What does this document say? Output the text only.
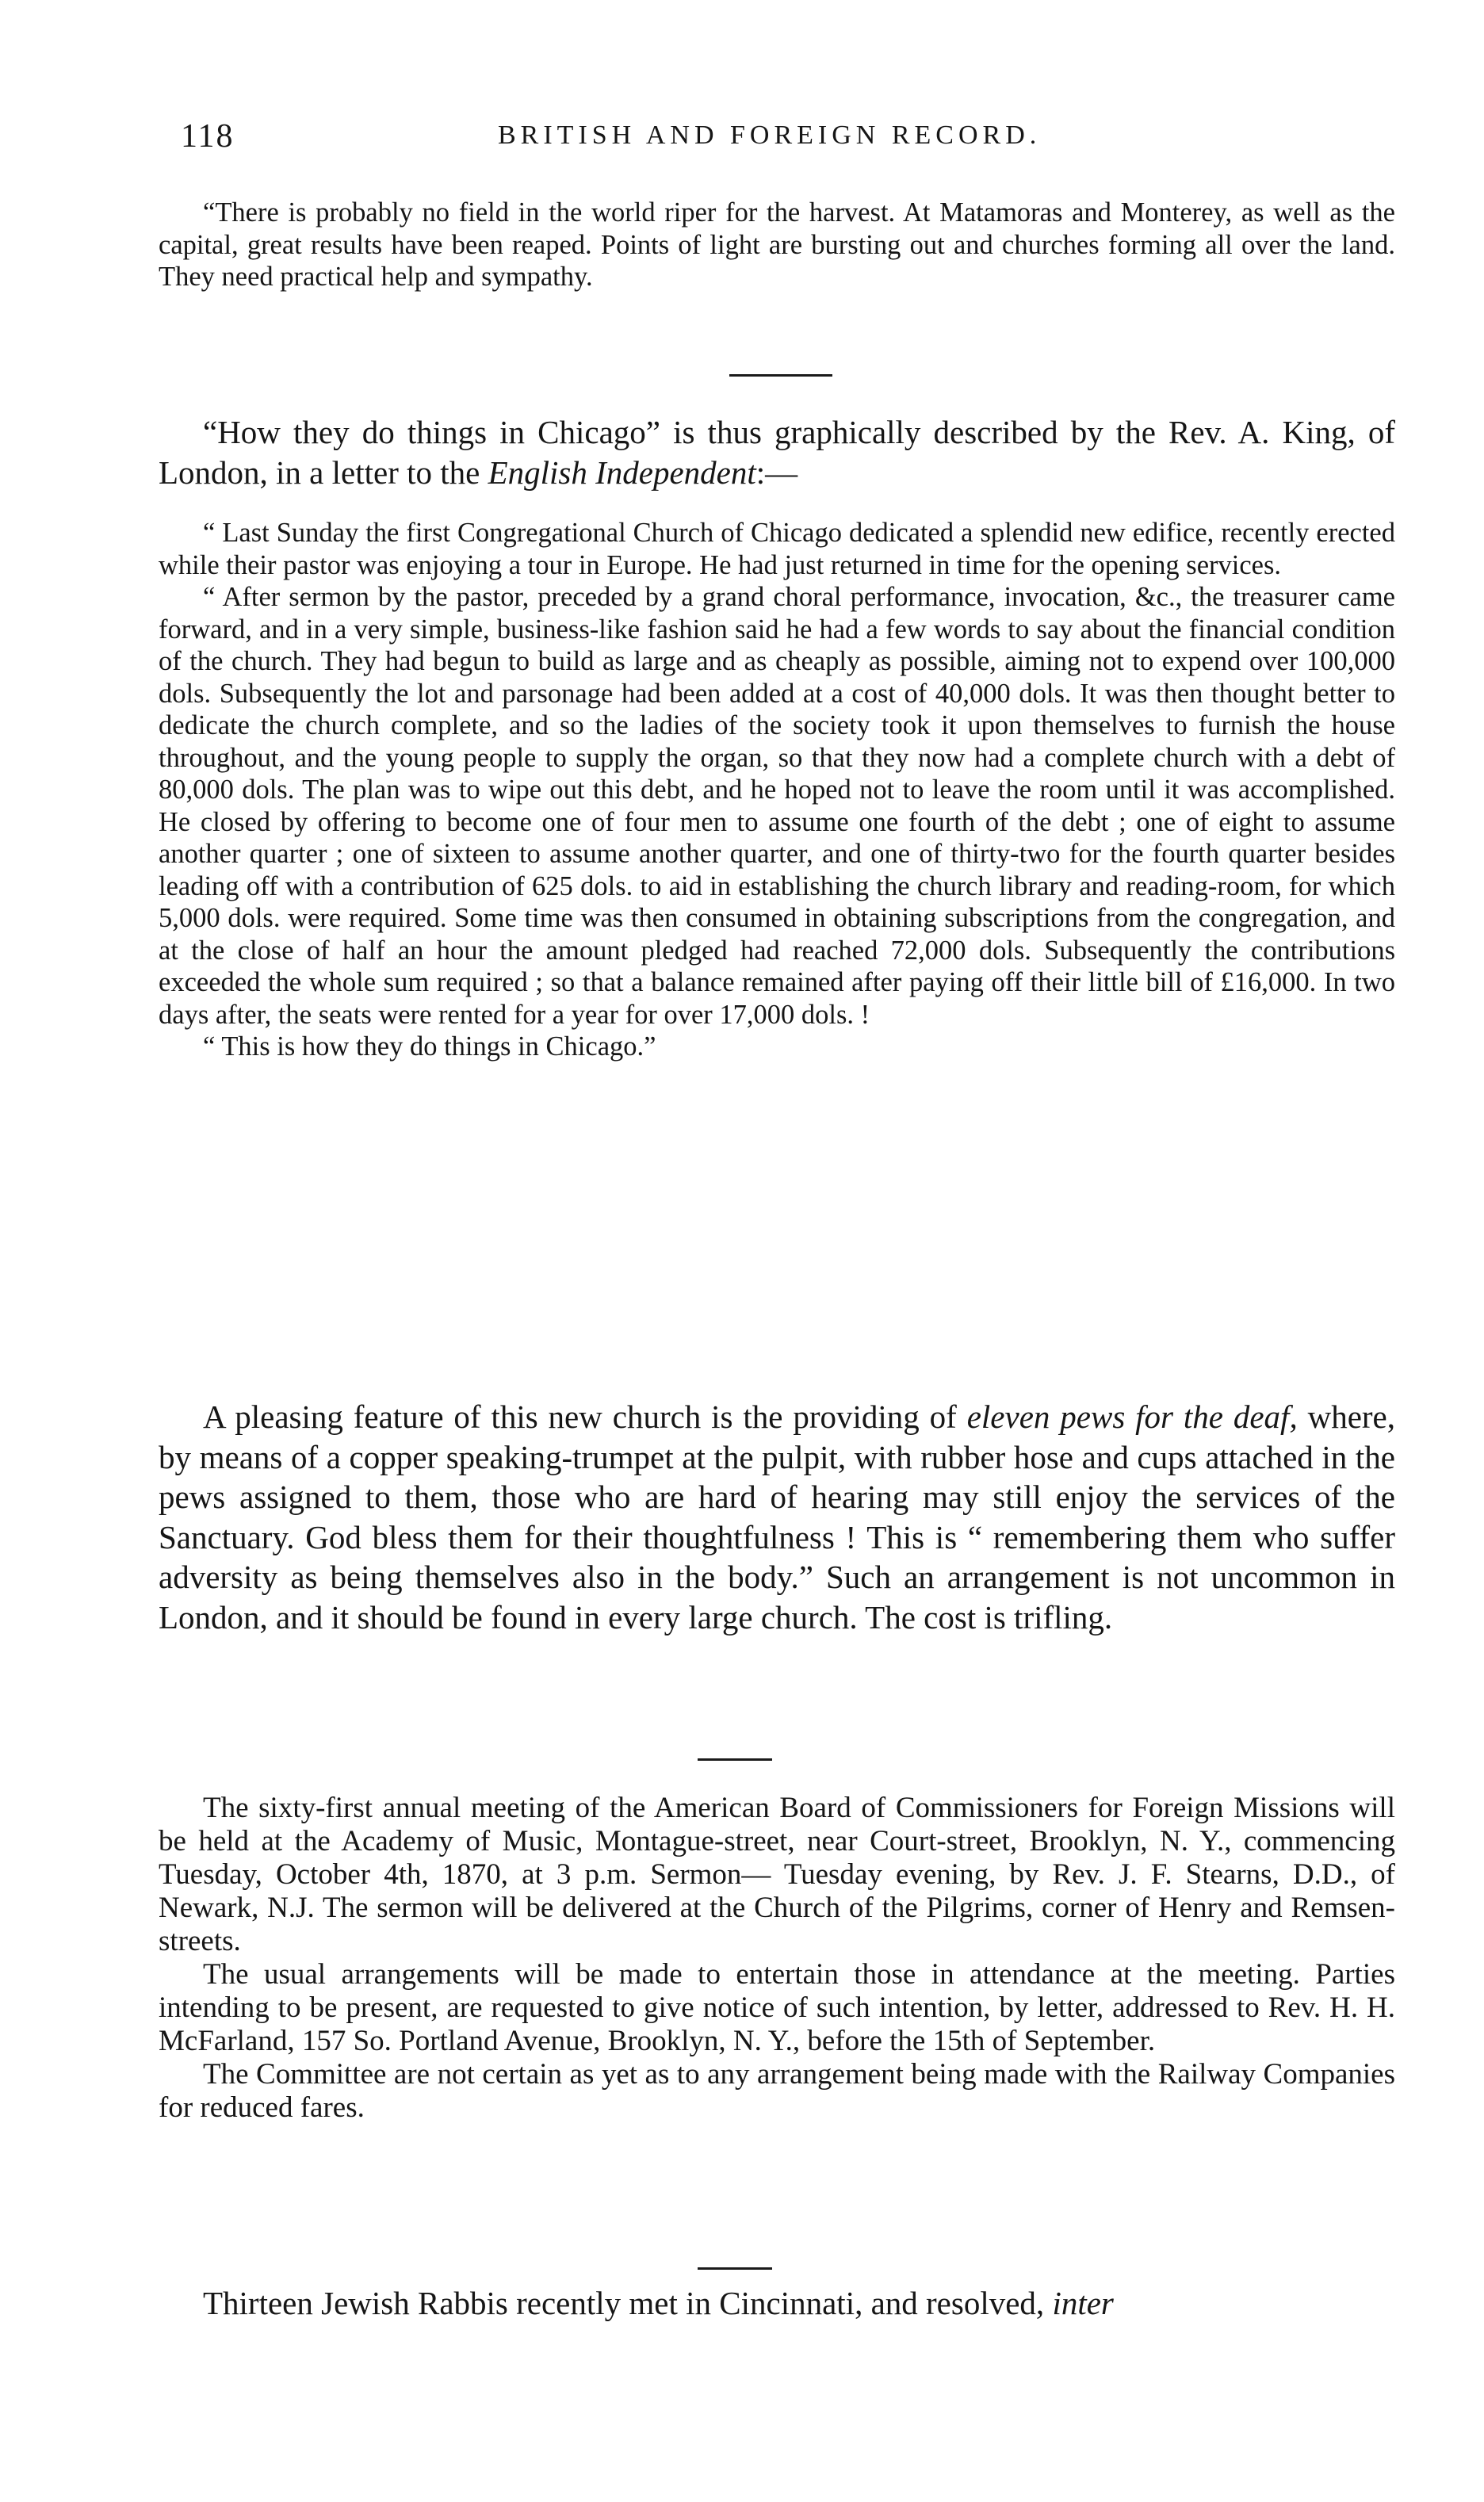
118	BRITISH AND FOREIGN RECORD.

“There is probably no field in the world riper for the harvest. At Matamoras and Monterey, as well as the capital, great results have been reaped. Points of light are bursting out and churches forming all over the land. They need practical help and sympathy.

“How they do things in Chicago” is thus graphically described by the Rev. A. King, of London, in a letter to the English Independent:—

“ Last Sunday the first Congregational Church of Chicago dedicated a splendid new edifice, recently erected while their pastor was enjoying a tour in Europe. He had just returned in time for the opening services.

“ After sermon by the pastor, preceded by a grand choral performance, invocation, &c., the treasurer came forward, and in a very simple, business-like fashion said he had a few words to say about the financial condition of the church. They had begun to build as large and as cheaply as possible, aiming not to expend over 100,000 dols. Subsequently the lot and parsonage had been added at a cost of 40,000 dols. It was then thought better to dedicate the church complete, and so the ladies of the society took it upon themselves to furnish the house throughout, and the young people to supply the organ, so that they now had a complete church with a debt of 80,000 dols. The plan was to wipe out this debt, and he hoped not to leave the room until it was accomplished. He closed by offering to become one of four men to assume one fourth of the debt ; one of eight to assume another quarter ; one of sixteen to assume another quarter, and one of thirty-two for the fourth quarter besides leading off with a contribution of 625 dols. to aid in establishing the church library and reading-room, for which 5,000 dols. were required. Some time was then consumed in obtaining subscriptions from the congregation, and at the close of half an hour the amount pledged had reached 72,000 dols. Subsequently the contributions exceeded the whole sum required ; so that a balance remained after paying off their little bill of £16,000. In two days after, the seats were rented for a year for over 17,000 dols. !

“ This is how they do things in Chicago.”

A pleasing feature of this new church is the providing of eleven pews for the deaf, where, by means of a copper speaking-trumpet at the pulpit, with rubber hose and cups attached in the pews assigned to them, those who are hard of hearing may still enjoy the services of the Sanctuary. God bless them for their thoughtfulness ! This is “ remembering them who suffer adversity as being themselves also in the body.” Such an arrangement is not uncommon in London, and it should be found in every large church. The cost is trifling.

The sixty-first annual meeting of the American Board of Commissioners for Foreign Missions will be held at the Academy of Music, Montague-street, near Court-street, Brooklyn, N. Y., commencing Tuesday, October 4th, 1870, at 3 p.m. Sermon— Tuesday evening, by Rev. J. F. Stearns, D.D., of Newark, N.J. The sermon will be delivered at the Church of the Pilgrims, corner of Henry and Remsen-streets.

The usual arrangements will be made to entertain those in attendance at the meeting. Parties intending to be present, are requested to give notice of such intention, by letter, addressed to Rev. H. H. McFarland, 157 So. Portland Avenue, Brooklyn, N. Y., before the 15th of September.

The Committee are not certain as yet as to any arrangement being made with the Railway Companies for reduced fares.

Thirteen Jewish Rabbis recently met in Cincinnati, and resolved, inter
